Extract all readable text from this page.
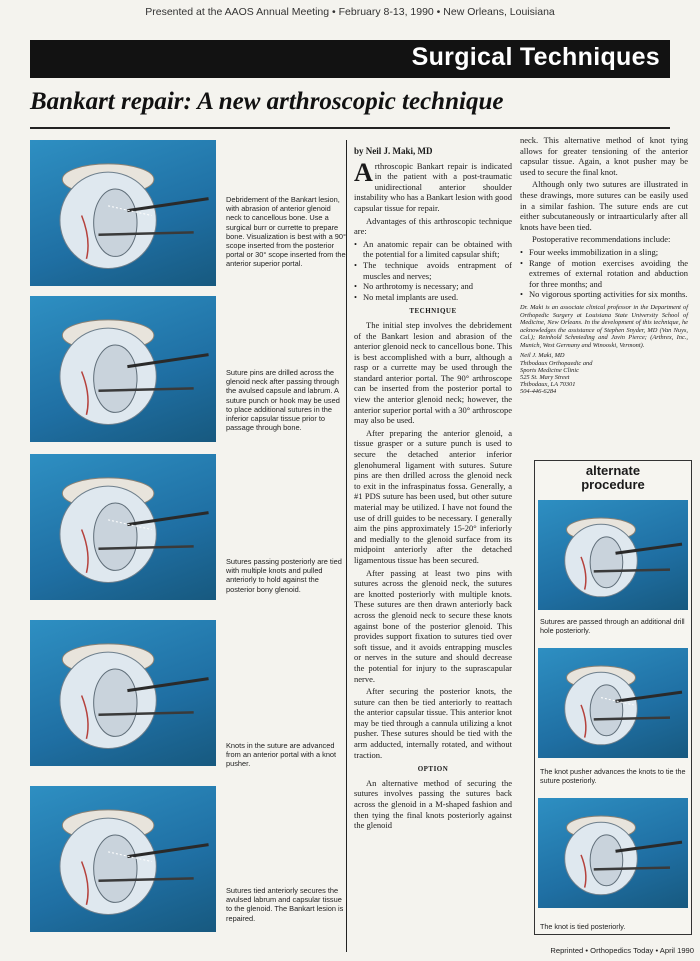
Presented at the AAOS Annual Meeting • February 8-13, 1990 • New Orleans, Louisiana
Surgical Techniques
Bankart repair: A new arthroscopic technique
Debridement of the Bankart lesion, with abrasion of anterior glenoid neck to cancellous bone. Use a surgical burr or currette to prepare bone. Visualization is best with a 90° scope inserted from the posterior portal or 30° scope inserted from the anterior superior portal.
Suture pins are drilled across the glenoid neck after passing through the avulsed capsule and labrum. A suture punch or hook may be used to place additional sutures in the inferior capsular tissue prior to passage through bone.
Sutures passing posteriorly are tied with multiple knots and pulled anteriorly to hold against the posterior bony glenoid.
Knots in the suture are advanced from an anterior portal with a knot pusher.
Sutures tied anteriorly secures the avulsed labrum and capsular tissue to the glenoid. The Bankart lesion is repaired.
by Neil J. Maki, MD

Arthroscopic Bankart repair is indicated in the patient with a post-traumatic unidirectional anterior shoulder instability who has a Bankart lesion with good capsular tissue for repair.

Advantages of this arthroscopic technique are:

• An anatomic repair can be obtained with the potential for a limited capsular shift;
• The technique avoids entrapment of muscles and nerves;
• No arthrotomy is necessary; and
• No metal implants are used.
TECHNIQUE

The initial step involves the debridement of the Bankart lesion and abrasion of the anterior glenoid neck to cancellous bone. This is best accomplished with a burr, although a rasp or a currette may be used through the standard anterior portal. The 90° arthroscope can be inserted from the posterior portal to view the anterior glenoid neck; however, the anterior superior portal with a 30° arthroscope may also be used.

After preparing the anterior glenoid, a tissue grasper or a suture punch is used to secure the detached anterior inferior glenohumeral ligament with sutures. Suture pins are then drilled across the glenoid neck to exit in the infraspinatus fossa. Generally, a #1 PDS suture has been used, but other suture material may be utilized. I have not found the use of drill guides to be necessary. I generally aim the pins approximately 15-20° inferiorly and medially to the glenoid surface from its midpoint anteriorly after the detached ligamentous tissue has been secured.

After passing at least two pins with sutures across the glenoid neck, the sutures are knotted posteriorly with multiple knots. These sutures are then drawn anteriorly back across the glenoid neck to secure these knots against bone of the posterior glenoid. This provides support fixation to sutures tied over soft tissue, and it avoids entrapping muscles or nerves in the suture and should decrease the potential for injury to the suprascapular nerve.

After securing the posterior knots, the suture can then be tied anteriorly to reattach the anterior capsular tissue. This anterior knot may be tied through a cannula utilizing a knot pusher. These sutures should be tied with the arm adducted, internally rotated, and without traction.

OPTION

An alternative method of securing the sutures involves passing the sutures back across the glenoid in a M-shaped fashion and then tying the final knots posteriorly against the glenoid

neck. This alternative method of knot tying allows for greater tensioning of the anterior capsular tissue. Again, a knot pusher may be used to secure the final knot.

Although only two sutures are illustrated in these drawings, more sutures can be easily used in a similar fashion. The suture ends are cut either subcutaneously or intraarticularly after all knots have been tied.

Postoperative recommendations include:

• Four weeks immobilization in a sling;
• Range of motion exercises avoiding the extremes of external rotation and abduction for three months; and
• No vigorous sporting activities for six months.
Dr. Maki is an associate clinical professor in the Department of Orthopedic Surgery at Louisiana State University School of Medicine, New Orleans. In the development of this technique, he acknowledges the assistance of Stephen Snyder, MD (Van Nuys, Cal.); Reinhold Schmieding and Javin Pierce; (Arthrex, Inc., Munich, West Germany and Winooski, Vermont).
Neil J. Maki, MD
Thibodaux Orthopaedic and
Sports Medicine Clinic
525 St. Mary Street
Thibodaux, LA 70301
504-446-6284
alternate
procedure
Sutures are passed through an additional drill hole posteriorly.
The knot pusher advances the knots to tie the suture posteriorly.
The knot is tied posteriorly.
Reprinted • Orthopedics Today • April 1990
